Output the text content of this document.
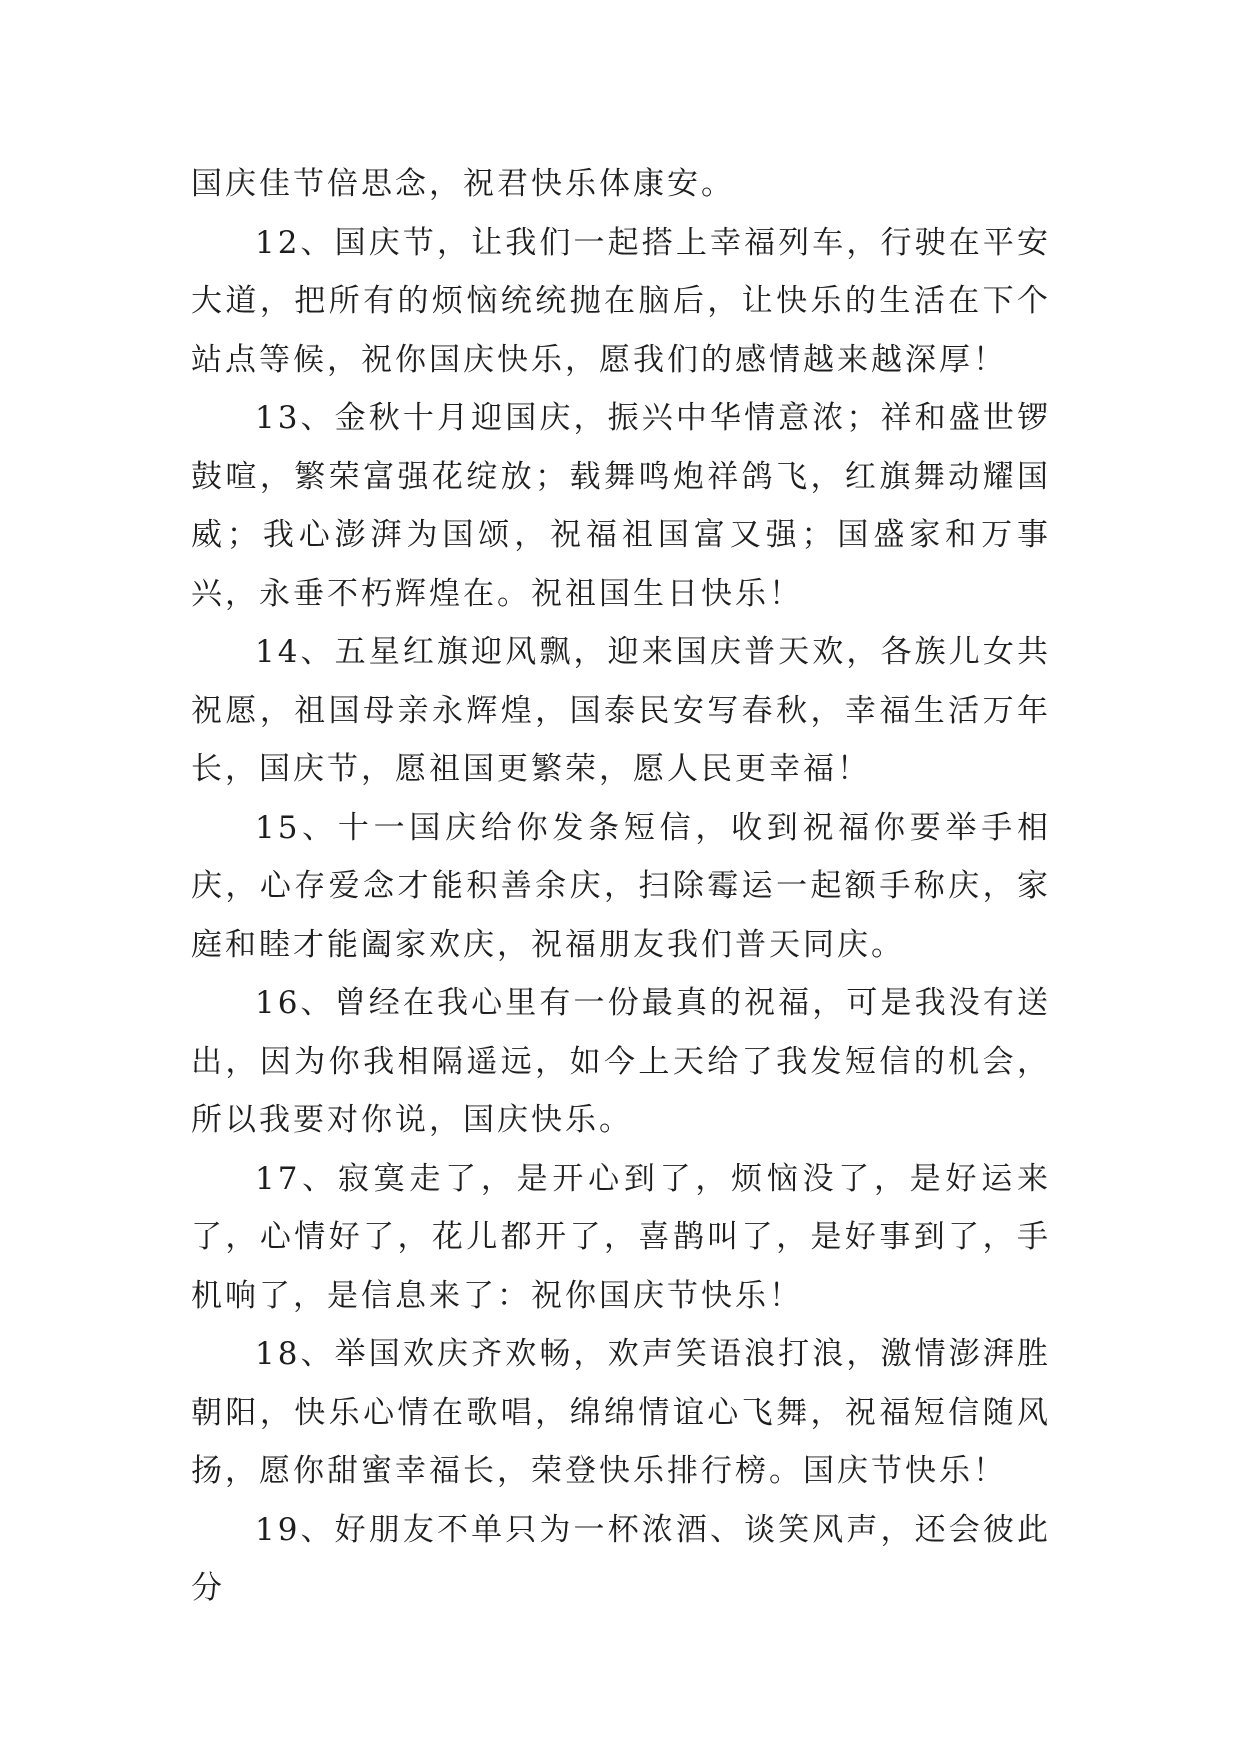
国庆佳节倍思念，祝君快乐体康安。

12、国庆节，让我们一起搭上幸福列车，行驶在平安大道，把所有的烦恼统统抛在脑后，让快乐的生活在下个站点等候，祝你国庆快乐，愿我们的感情越来越深厚！

13、金秋十月迎国庆，振兴中华情意浓；祥和盛世锣鼓喧，繁荣富强花绽放；载舞鸣炮祥鸽飞，红旗舞动耀国威；我心澎湃为国颂，祝福祖国富又强；国盛家和万事兴，永垂不朽辉煌在。祝祖国生日快乐！

14、五星红旗迎风飘，迎来国庆普天欢，各族儿女共祝愿，祖国母亲永辉煌，国泰民安写春秋，幸福生活万年长，国庆节，愿祖国更繁荣，愿人民更幸福！

15、十一国庆给你发条短信，收到祝福你要举手相庆，心存爱念才能积善余庆，扫除霉运一起额手称庆，家庭和睦才能阖家欢庆，祝福朋友我们普天同庆。

16、曾经在我心里有一份最真的祝福，可是我没有送出，因为你我相隔遥远，如今上天给了我发短信的机会，所以我要对你说，国庆快乐。

17、寂寞走了，是开心到了，烦恼没了，是好运来了，心情好了，花儿都开了，喜鹊叫了，是好事到了，手机响了，是信息来了：祝你国庆节快乐！

18、举国欢庆齐欢畅，欢声笑语浪打浪，激情澎湃胜朝阳，快乐心情在歌唱，绵绵情谊心飞舞，祝福短信随风扬，愿你甜蜜幸福长，荣登快乐排行榜。国庆节快乐！

19、好朋友不单只为一杯浓酒、谈笑风声，还会彼此分
